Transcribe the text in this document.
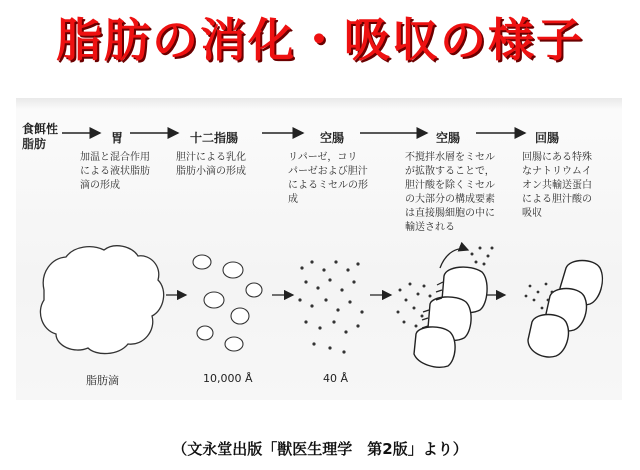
脂肪の消化・吸収の様子
食餌性
脂肪	胃	十二指腸	空腸	空腸	回腸
加温と混合作用
による液状脂肪
滴の形成
胆汁による乳化
脂肪小滴の形成
リパーゼ，コリ
パーゼおよび胆汁
によるミセルの形
成
不撹拌水層をミセル
が拡散することで，
胆汁酸を除くミセル
の大部分の構成要素
は直接腸細胞の中に
輸送される
回腸にある特殊
なナトリウムイ
オン共輸送蛋白
による胆汁酸の
吸収
脂肪滴	10,000 Å	40 Å
（文永堂出版「獣医生理学　第2版」より）
